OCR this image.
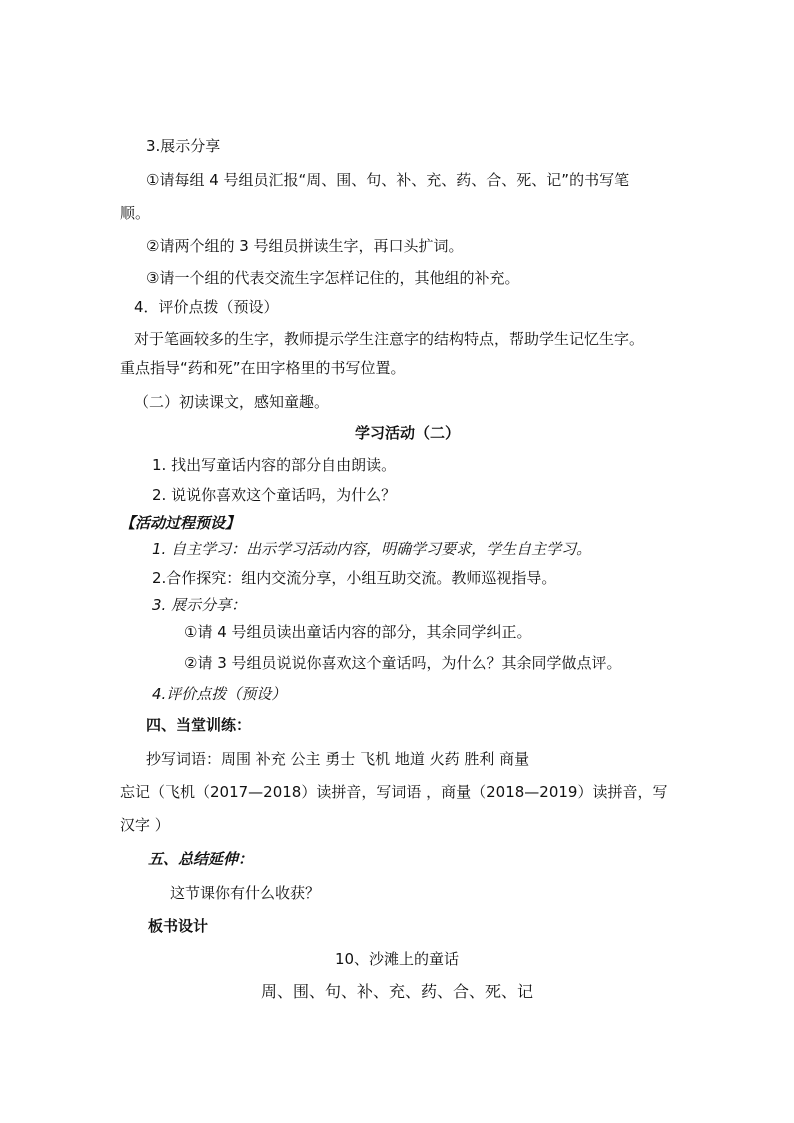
3.展示分享
①请每组 4 号组员汇报“周、围、句、补、充、药、合、死、记”的书写笔
顺。
②请两个组的 3 号组员拼读生字，再口头扩词。
③请一个组的代表交流生字怎样记住的，其他组的补充。
4．评价点拨（预设）
对于笔画较多的生字，教师提示学生注意字的结构特点，帮助学生记忆生字。
重点指导“药和死”在田字格里的书写位置。
（二）初读课文，感知童趣。
学习活动（二）
1. 找出写童话内容的部分自由朗读。
2. 说说你喜欢这个童话吗，为什么？
【活动过程预设】
1. 自主学习：出示学习活动内容，明确学习要求，学生自主学习。
2.合作探究：组内交流分享，小组互助交流。教师巡视指导。
3. 展示分享：
①请 4 号组员读出童话内容的部分，其余同学纠正。
②请 3 号组员说说你喜欢这个童话吗，为什么？其余同学做点评。
4.评价点拨（预设）
四、当堂训练：
抄写词语：周围 补充 公主 勇士 飞机 地道 火药 胜利 商量
忘记（飞机（2017—2018）读拼音，写词语 ，商量（2018—2019）读拼音，写
汉字 ）
五、总结延伸：
这节课你有什么收获？
板书设计
10、沙滩上的童话
周、围、句、补、充、药、合、死、记
